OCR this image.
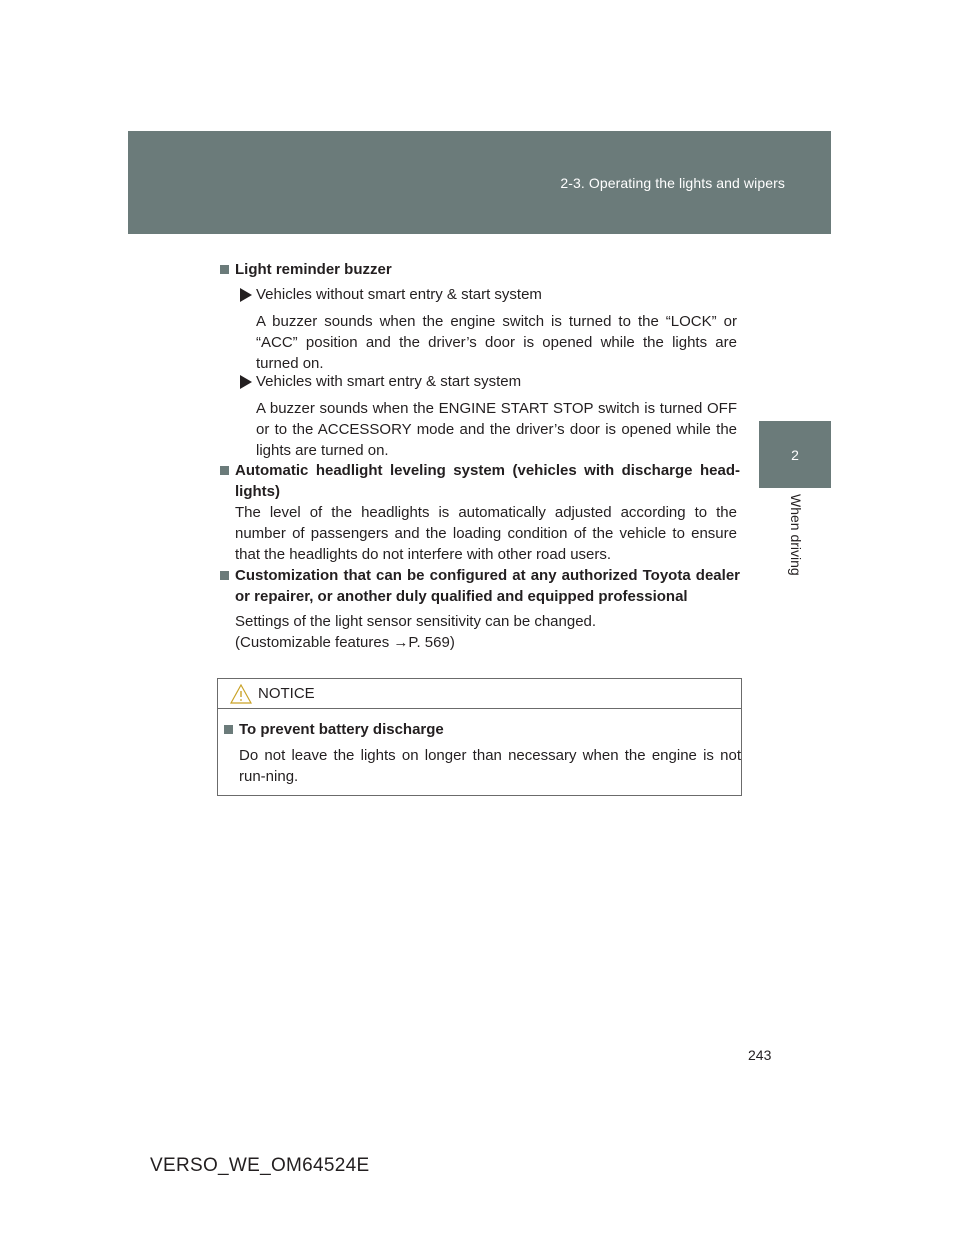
2-3. Operating the lights and wipers
2
When driving
Light reminder buzzer
Vehicles without smart entry & start system
A buzzer sounds when the engine switch is turned to the “LOCK” or “ACC” position and the driver’s door is opened while the lights are turned on.
Vehicles with smart entry & start system
A buzzer sounds when the ENGINE START STOP switch is turned OFF or to the ACCESSORY mode and the driver’s door is opened while the lights are turned on.
Automatic headlight leveling system (vehicles with discharge head-lights)
The level of the headlights is automatically adjusted according to the number of passengers and the loading condition of the vehicle to ensure that the headlights do not interfere with other road users.
Customization that can be configured at any authorized Toyota dealer or repairer, or another duly qualified and equipped professional
Settings of the light sensor sensitivity can be changed.
(Customizable features →P. 569)
NOTICE
To prevent battery discharge
Do not leave the lights on longer than necessary when the engine is not run-ning.
243
VERSO_WE_OM64524E
